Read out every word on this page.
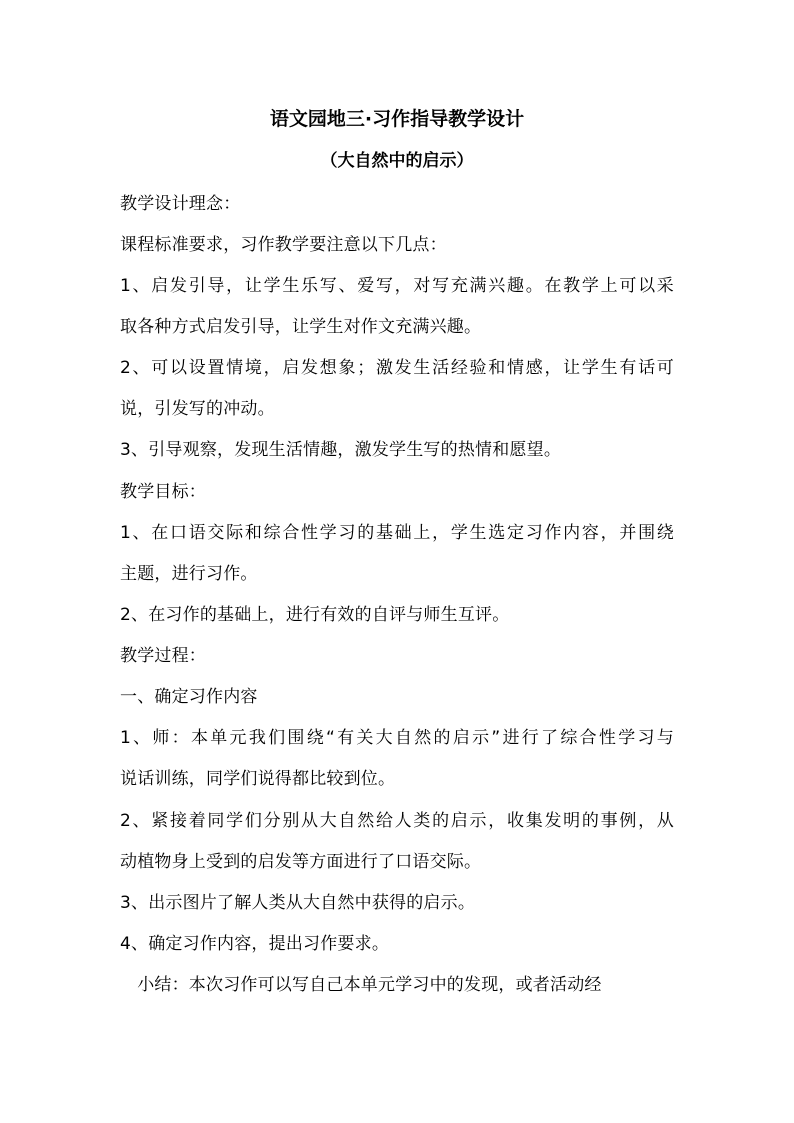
语文园地三·习作指导教学设计
（大自然中的启示）
教学设计理念：
课程标准要求，习作教学要注意以下几点：
1、启发引导，让学生乐写、爱写，对写充满兴趣。在教学上可以采
取各种方式启发引导，让学生对作文充满兴趣。
2、可以设置情境，启发想象；激发生活经验和情感，让学生有话可
说，引发写的冲动。
3、引导观察，发现生活情趣，激发学生写的热情和愿望。
教学目标：
1、在口语交际和综合性学习的基础上，学生选定习作内容，并围绕
主题，进行习作。
2、在习作的基础上，进行有效的自评与师生互评。
教学过程：
一、确定习作内容
1、师：本单元我们围绕“有关大自然的启示”进行了综合性学习与
说话训练，同学们说得都比较到位。
2、紧接着同学们分别从大自然给人类的启示，收集发明的事例，从
动植物身上受到的启发等方面进行了口语交际。
3、出示图片了解人类从大自然中获得的启示。
4、确定习作内容，提出习作要求。
　小结：本次习作可以写自己本单元学习中的发现，或者活动经
